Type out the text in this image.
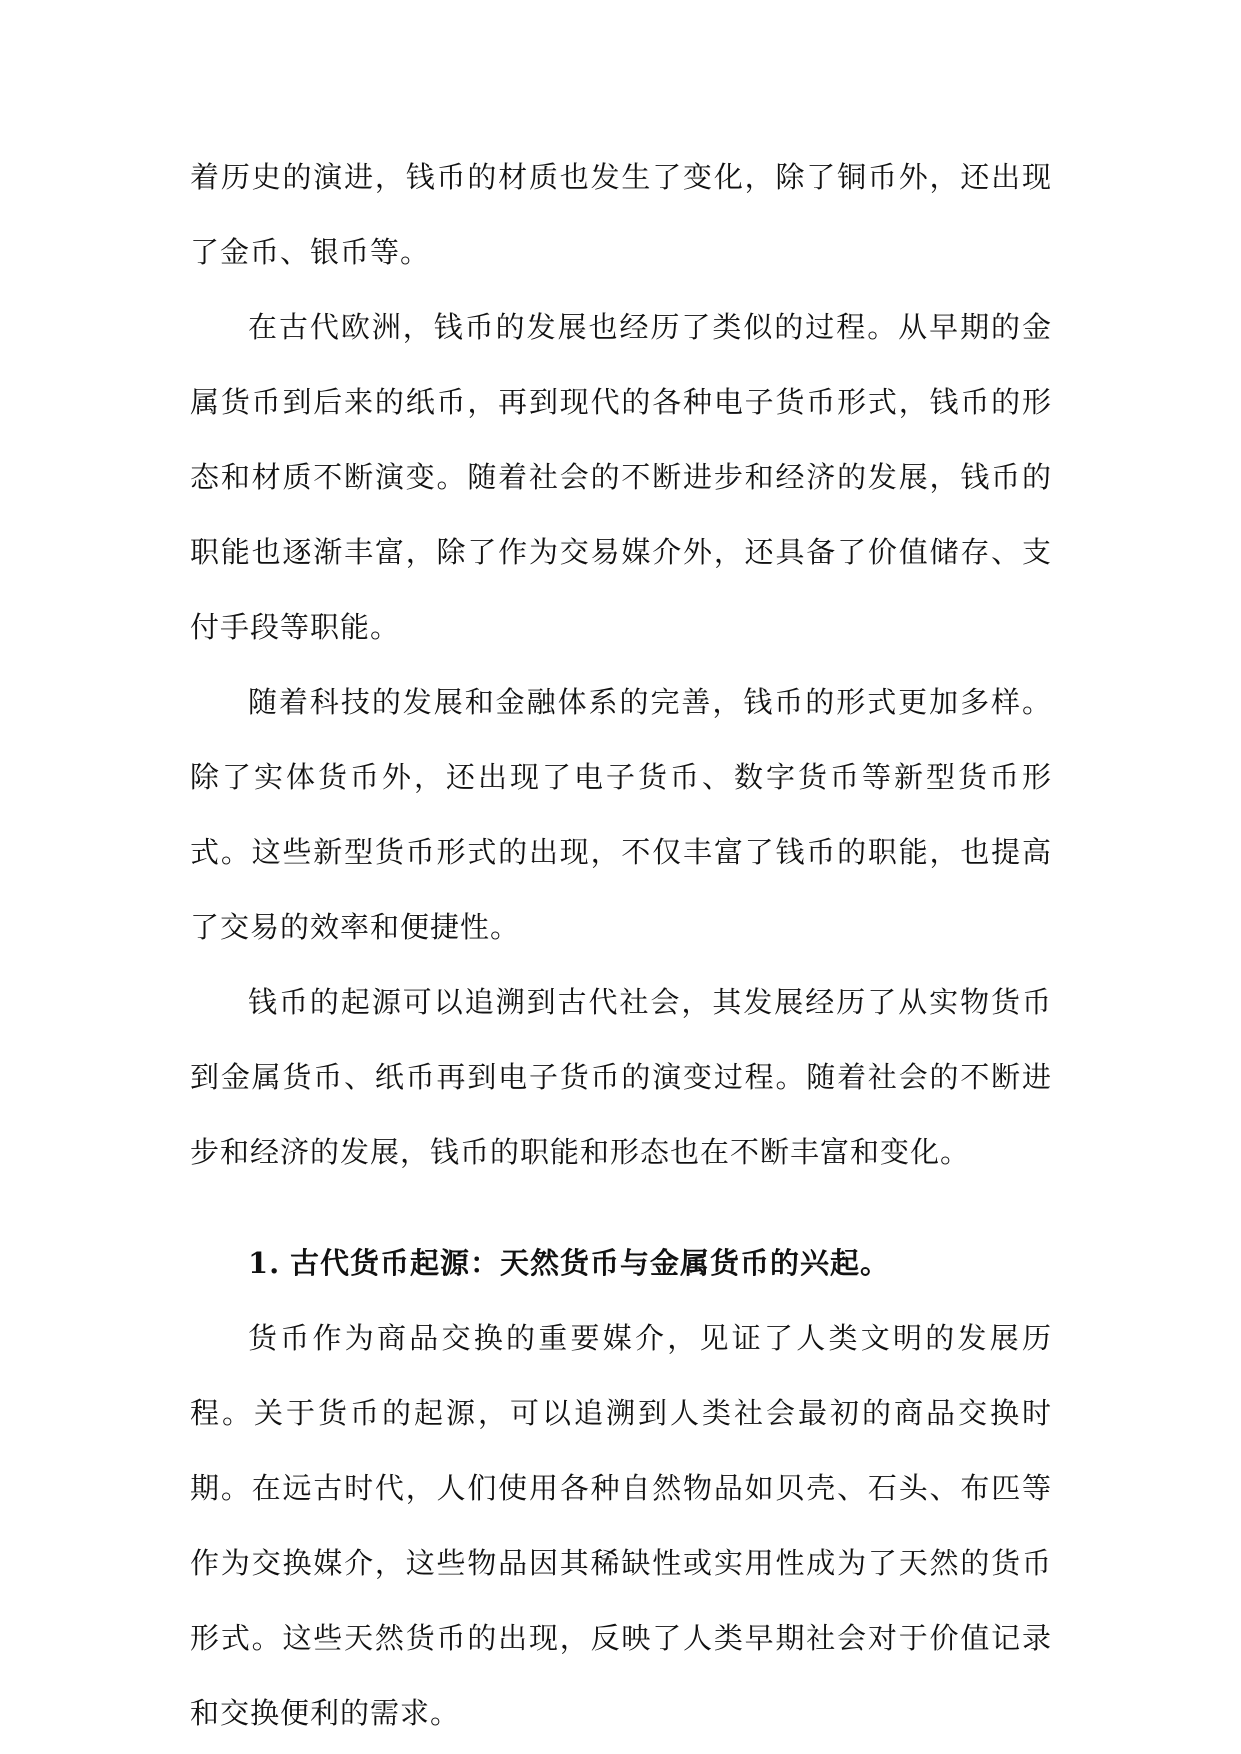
着历史的演进，钱币的材质也发生了变化，除了铜币外，还出现了金币、银币等。

在古代欧洲，钱币的发展也经历了类似的过程。从早期的金属货币到后来的纸币，再到现代的各种电子货币形式，钱币的形态和材质不断演变。随着社会的不断进步和经济的发展，钱币的职能也逐渐丰富，除了作为交易媒介外，还具备了价值储存、支付手段等职能。

随着科技的发展和金融体系的完善，钱币的形式更加多样。除了实体货币外，还出现了电子货币、数字货币等新型货币形式。这些新型货币形式的出现，不仅丰富了钱币的职能，也提高了交易的效率和便捷性。

钱币的起源可以追溯到古代社会，其发展经历了从实物货币到金属货币、纸币再到电子货币的演变过程。随着社会的不断进步和经济的发展，钱币的职能和形态也在不断丰富和变化。

1. 古代货币起源：天然货币与金属货币的兴起。

货币作为商品交换的重要媒介，见证了人类文明的发展历程。关于货币的起源，可以追溯到人类社会最初的商品交换时期。在远古时代，人们使用各种自然物品如贝壳、石头、布匹等作为交换媒介，这些物品因其稀缺性或实用性成为了天然的货币形式。这些天然货币的出现，反映了人类早期社会对于价值记录和交换便利的需求。
